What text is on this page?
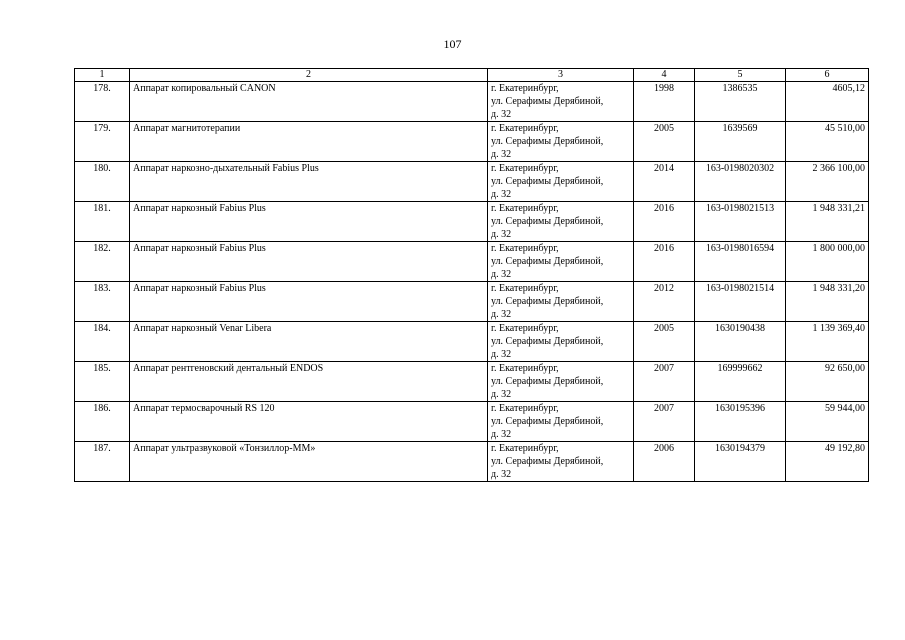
107
1	2	3	4	5	6
178.	Аппарат копировальный CANON	г. Екатеринбург,
ул. Серафимы Дерябиной,
д. 32	1998	1386535	4605,12
179.	Аппарат магнитотерапии	г. Екатеринбург,
ул. Серафимы Дерябиной,
д. 32	2005	1639569	45 510,00
180.	Аппарат наркозно-дыхательный Fabius Plus	г. Екатеринбург,
ул. Серафимы Дерябиной,
д. 32	2014	163-0198020302	2 366 100,00
181.	Аппарат наркозный Fabius Plus	г. Екатеринбург,
ул. Серафимы Дерябиной,
д. 32	2016	163-0198021513	1 948 331,21
182.	Аппарат наркозный Fabius Plus	г. Екатеринбург,
ул. Серафимы Дерябиной,
д. 32	2016	163-0198016594	1 800 000,00
183.	Аппарат наркозный Fabius Plus	г. Екатеринбург,
ул. Серафимы Дерябиной,
д. 32	2012	163-0198021514	1 948 331,20
184.	Аппарат наркозный Venar Libera	г. Екатеринбург,
ул. Серафимы Дерябиной,
д. 32	2005	1630190438	1 139 369,40
185.	Аппарат рентгеновский дентальный ENDOS	г. Екатеринбург,
ул. Серафимы Дерябиной,
д. 32	2007	169999662	92 650,00
186.	Аппарат термосварочный RS 120	г. Екатеринбург,
ул. Серафимы Дерябиной,
д. 32	2007	1630195396	59 944,00
187.	Аппарат ультразвуковой «Тонзиллор-ММ»	г. Екатеринбург,
ул. Серафимы Дерябиной,
д. 32	2006	1630194379	49 192,80
